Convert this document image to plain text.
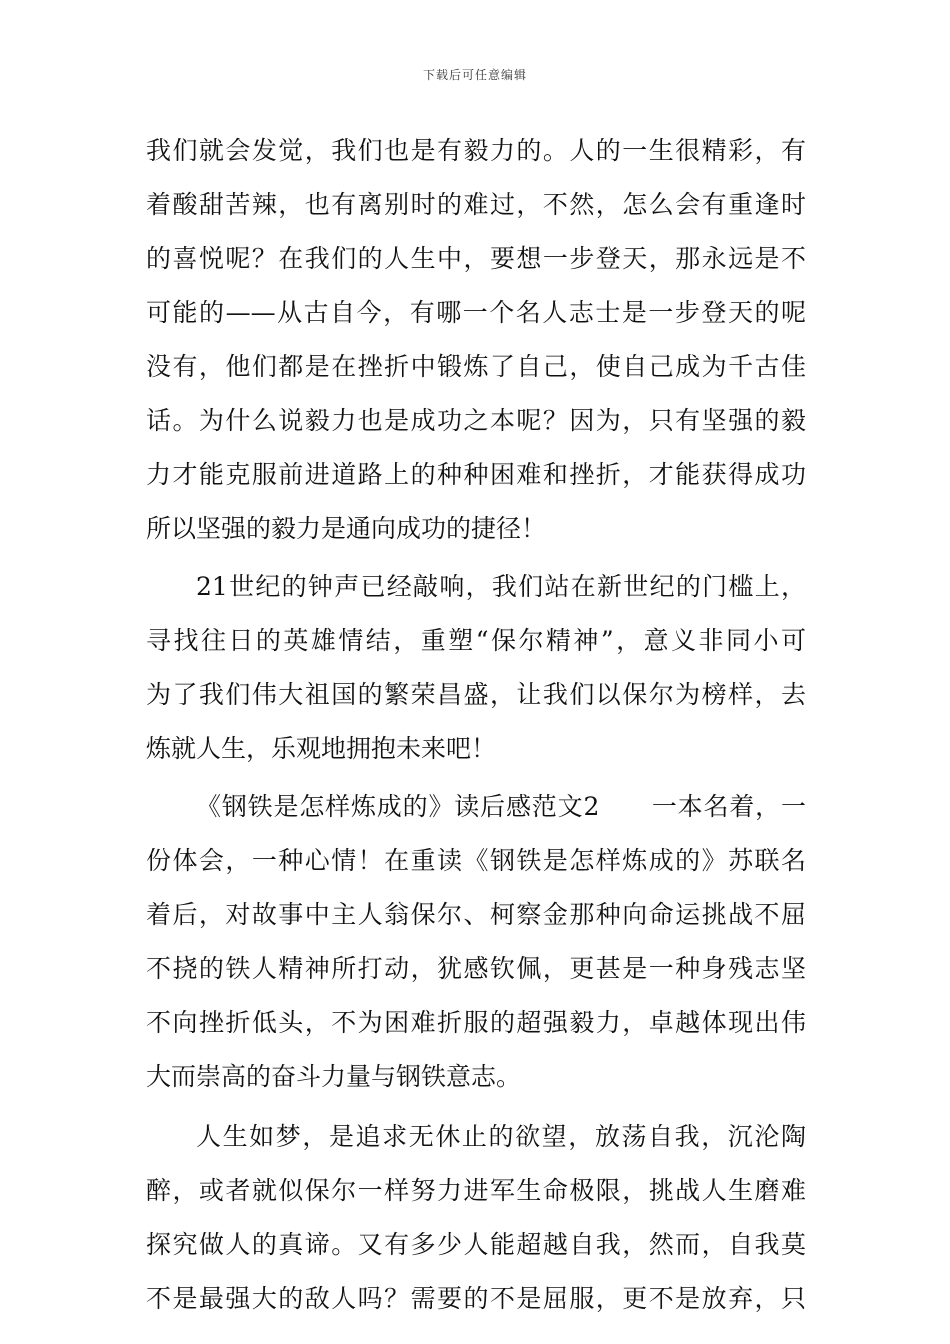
下载后可任意编辑
我们就会发觉，我们也是有毅力的。人的一生很精彩，有
着酸甜苦辣，也有离别时的难过，不然，怎么会有重逢时
的喜悦呢？在我们的人生中，要想一步登天，那永远是不
可能的——从古自今，有哪一个名人志士是一步登天的呢
没有，他们都是在挫折中锻炼了自己，使自己成为千古佳
话。为什么说毅力也是成功之本呢？因为，只有坚强的毅
力才能克服前进道路上的种种困难和挫折，才能获得成功
所以坚强的毅力是通向成功的捷径！
21世纪的钟声已经敲响，我们站在新世纪的门槛上，
寻找往日的英雄情结，重塑“保尔精神”，意义非同小可
为了我们伟大祖国的繁荣昌盛，让我们以保尔为榜样，去
炼就人生，乐观地拥抱未来吧！
《钢铁是怎样炼成的》读后感范文2　　一本名着，一
份体会，一种心情！在重读《钢铁是怎样炼成的》苏联名
着后，对故事中主人翁保尔、柯察金那种向命运挑战不屈
不挠的铁人精神所打动，犹感钦佩，更甚是一种身残志坚
不向挫折低头，不为困难折服的超强毅力，卓越体现出伟
大而崇高的奋斗力量与钢铁意志。
人生如梦，是追求无休止的欲望，放荡自我，沉沦陶
醉，或者就似保尔一样努力进军生命极限，挑战人生磨难
探究做人的真谛。又有多少人能超越自我，然而，自我莫
不是最强大的敌人吗？需要的不是屈服，更不是放弃，只
